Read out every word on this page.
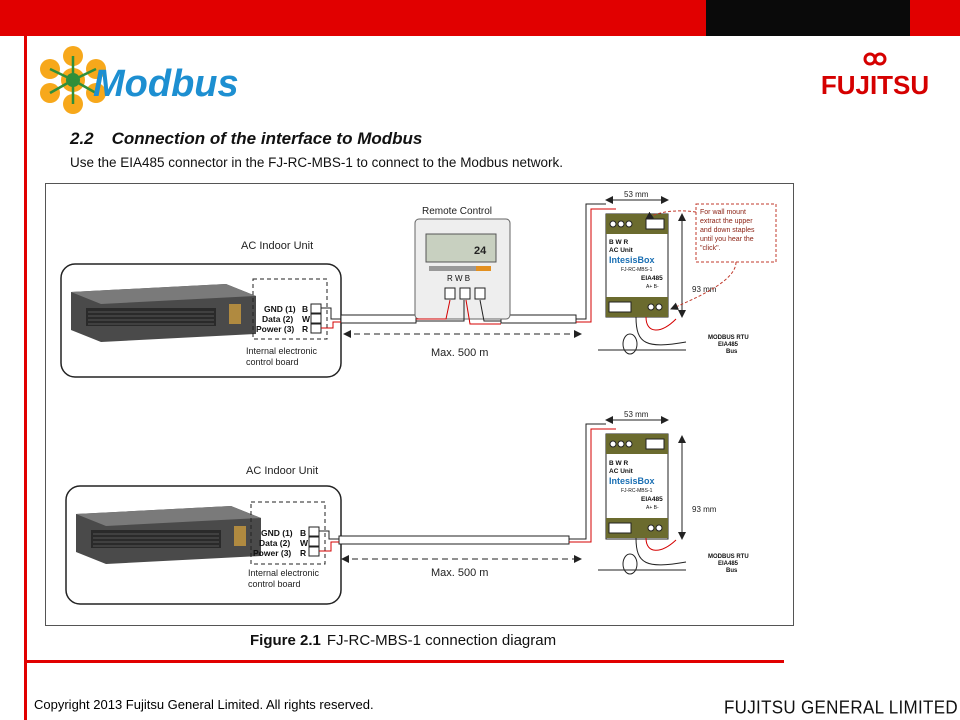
Modbus	FUJITSU
2.2 Connection of the interface to Modbus
Use the EIA485 connector in the FJ-RC-MBS-1 to connect to the Modbus network.
AC Indoor Unit
GND (1)
Data (2)
Power (3)
B
W
R
Internal electronic
control board
Remote Control
24
R W B
Max. 500 m
53 mm
B W R
AC Unit
IntesisBox
FJ-RC-MBS-1
EIA485
A+ B-	93 mm
MODBUS RTU
EIA485
Bus
For wall mount
extract the upper
and down staples
until you hear the
"click".
AC Indoor Unit
GND (1)
Data (2)
Power (3)
B
W
R
Internal electronic
control board
Max. 500 m
53 mm
B W R
AC Unit
IntesisBox
FJ-RC-MBS-1
EIA485
A+ B-	93 mm
MODBUS RTU
EIA485
Bus
Figure 2.1 FJ-RC-MBS-1 connection diagram
Copyright 2013 Fujitsu General Limited. All rights reserved.	FUJITSU GENERAL LIMITED
